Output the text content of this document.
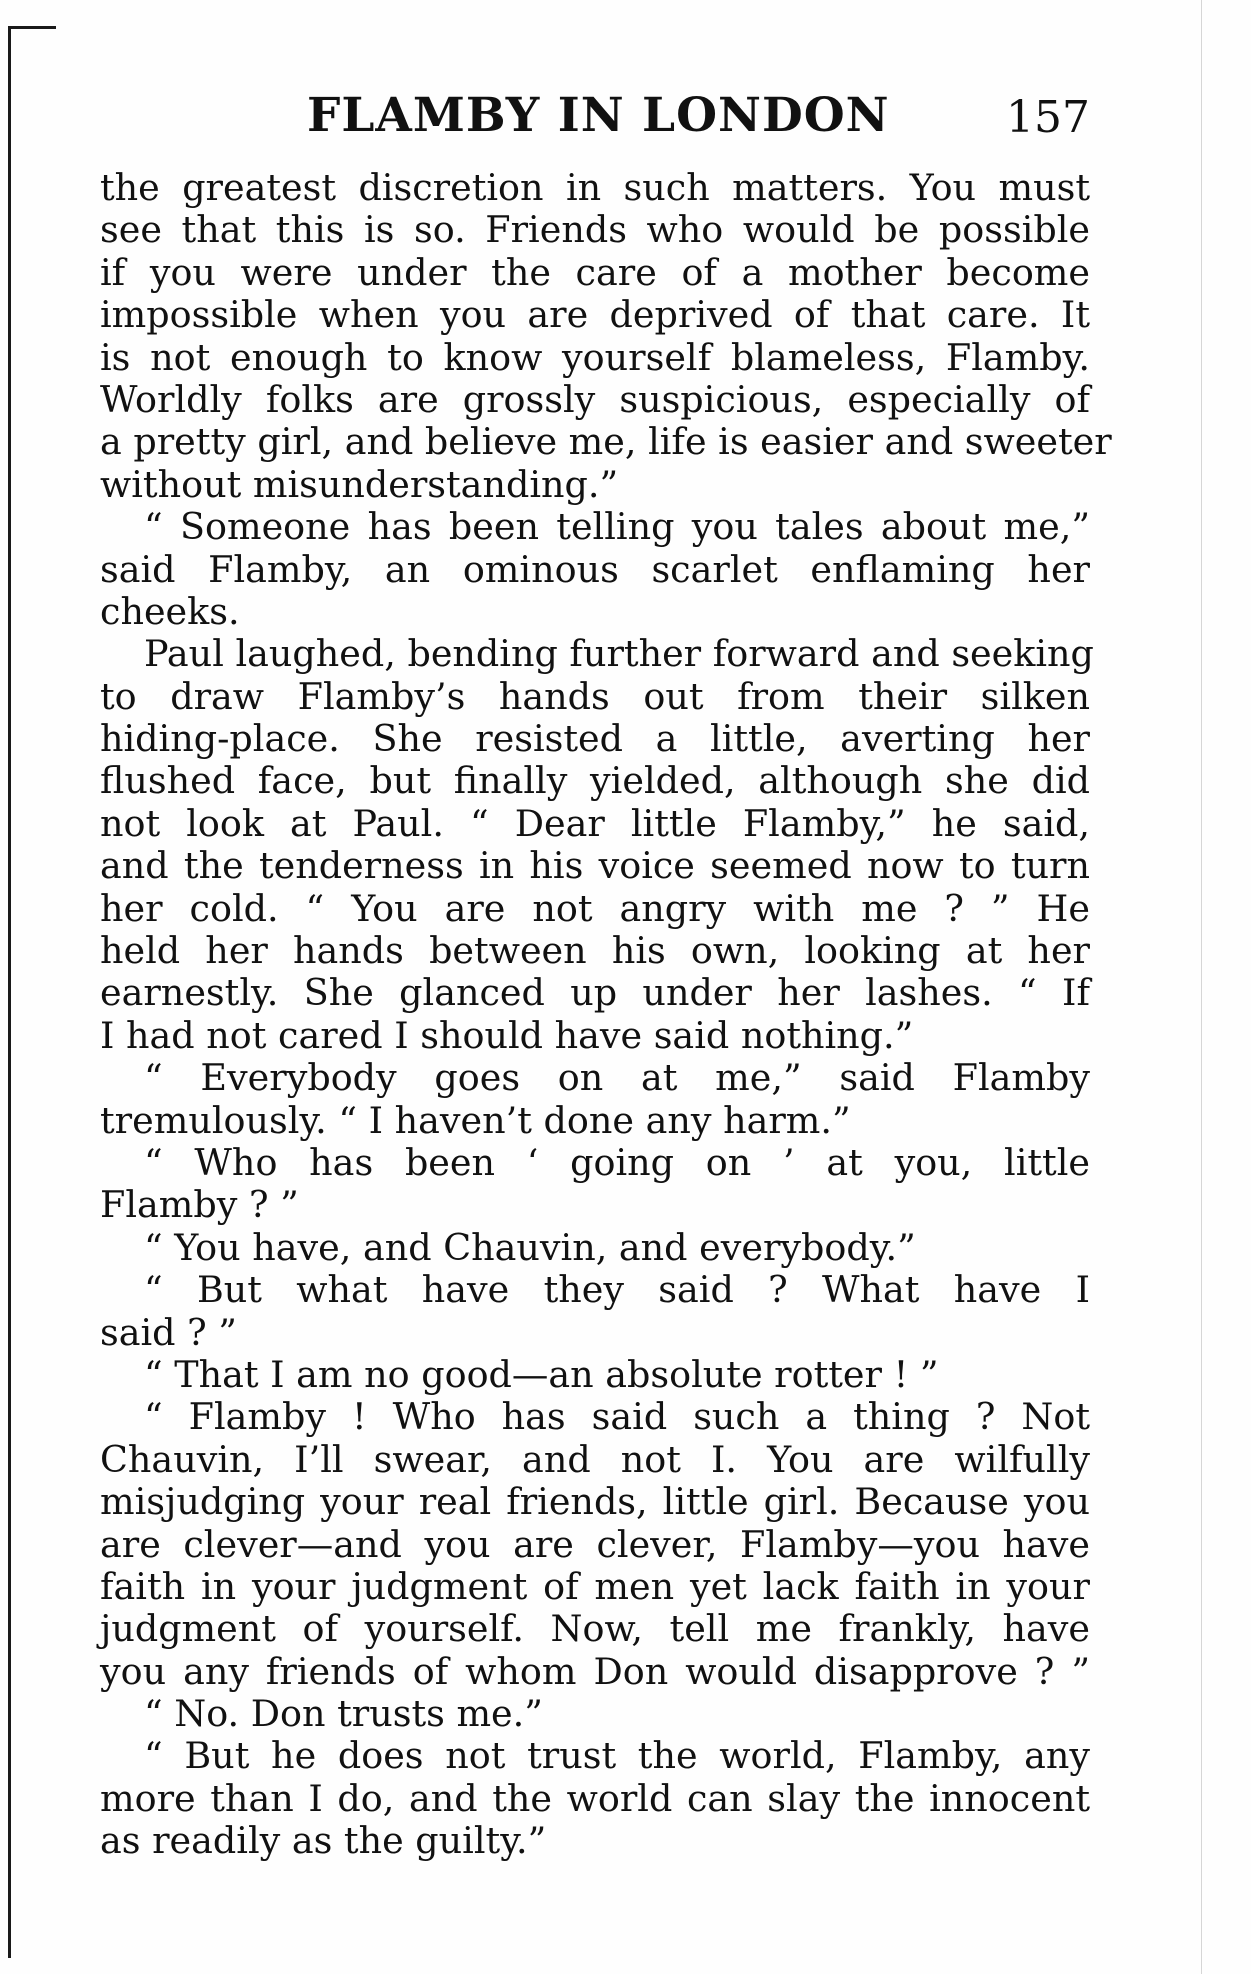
FLAMBY IN LONDON	157
the greatest discretion in such matters. You must
see that this is so. Friends who would be possible
if you were under the care of a mother become
impossible when you are deprived of that care. It
is not enough to know yourself blameless, Flamby.
Worldly folks are grossly suspicious, especially of
a pretty girl, and believe me, life is easier and sweeter
without misunderstanding.”
“ Someone has been telling you tales about me,”
said Flamby, an ominous scarlet enflaming her
cheeks.
Paul laughed, bending further forward and seeking
to draw Flamby’s hands out from their silken
hiding-place. She resisted a little, averting her
flushed face, but finally yielded, although she did
not look at Paul. “ Dear little Flamby,” he said,
and the tenderness in his voice seemed now to turn
her cold. “ You are not angry with me ? ” He
held her hands between his own, looking at her
earnestly. She glanced up under her lashes. “ If
I had not cared I should have said nothing.”
“ Everybody goes on at me,” said Flamby
tremulously. “ I haven’t done any harm.”
“ Who has been ‘ going on ’ at you, little
Flamby ? ”
“ You have, and Chauvin, and everybody.”
“ But what have they said ? What have I
said ? ”
“ That I am no good—an absolute rotter ! ”
“ Flamby ! Who has said such a thing ? Not
Chauvin, I’ll swear, and not I. You are wilfully
misjudging your real friends, little girl. Because you
are clever—and you are clever, Flamby—you have
faith in your judgment of men yet lack faith in your
judgment of yourself. Now, tell me frankly, have
you any friends of whom Don would disapprove ? ”
“ No. Don trusts me.”
“ But he does not trust the world, Flamby, any
more than I do, and the world can slay the innocent
as readily as the guilty.”
